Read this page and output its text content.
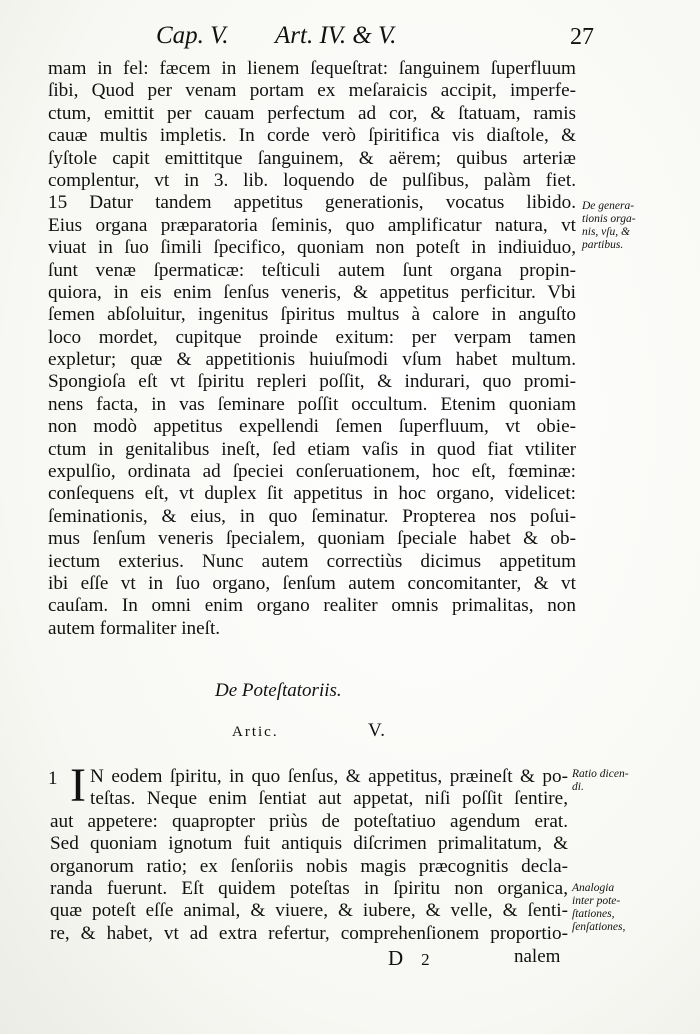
Cap. V. Art. IV. & V.	27
mam in fel: fæcem in lienem ſequeſtrat: ſanguinem ſuperfluum
ſibi, Quod per venam portam ex meſaraicis accipit, imperfe-
ctum, emittit per cauam perfectum ad cor, & ſtatuam, ramis
cauæ multis impletis. In corde verò ſpiritifica vis diaſtole, &
ſyſtole capit emittitque ſanguinem, & aërem; quibus arteriæ
complentur, vt in 3. lib. loquendo de pulſibus, palàm fiet.
15 Datur tandem appetitus generationis, vocatus libido.
Eius organa præparatoria ſeminis, quo amplificatur natura, vt
viuat in ſuo ſimili ſpecifico, quoniam non poteſt in indiuiduo,
ſunt venæ ſpermaticæ: teſticuli autem ſunt organa propin-
quiora, in eis enim ſenſus veneris, & appetitus perficitur. Vbi
ſemen abſoluitur, ingenitus ſpiritus multus à calore in anguſto
loco mordet, cupitque proinde exitum: per verpam tamen
expletur; quæ & appetitionis huiuſmodi vſum habet multum.
Spongioſa eſt vt ſpiritu repleri poſſit, & indurari, quo promi-
nens facta, in vas ſeminare poſſit occultum. Etenim quoniam
non modò appetitus expellendi ſemen ſuperfluum, vt obie-
ctum in genitalibus ineſt, ſed etiam vaſis in quod fiat vtiliter
expulſio, ordinata ad ſpeciei conſeruationem, hoc eſt, fœminæ:
conſequens eſt, vt duplex ſit appetitus in hoc organo, videlicet:
ſeminationis, & eius, in quo ſeminatur. Propterea nos poſui-
mus ſenſum veneris ſpecialem, quoniam ſpeciale habet & ob-
iectum exterius. Nunc autem correctiùs dicimus appetitum
ibi eſſe vt in ſuo organo, ſenſum autem concomitanter, & vt
cauſam. In omni enim organo realiter omnis primalitas, non
autem formaliter ineſt.
De genera-
tionis orga-
nis, vſu, &
partibus.
De Poteſtatoriis.
Artic.	V.
1 I N eodem ſpiritu, in quo ſenſus, & appetitus, præineſt & po-
teſtas. Neque enim ſentiat aut appetat, niſi poſſit ſentire,
aut appetere: quapropter priùs de poteſtatiuo agendum erat.
Sed quoniam ignotum fuit antiquis diſcrimen primalitatum, &
organorum ratio; ex ſenſoriis nobis magis præcognitis decla-
randa fuerunt. Eſt quidem poteſtas in ſpiritu non organica,
quæ poteſt eſſe animal, & viuere, & iubere, & velle, & ſenti-
re, & habet, vt ad extra refertur, comprehenſionem proportio-
Ratio dicen-
di.
Analogia
inter pote-
ſtationes,
ſenſationes,
D 2	nalem
